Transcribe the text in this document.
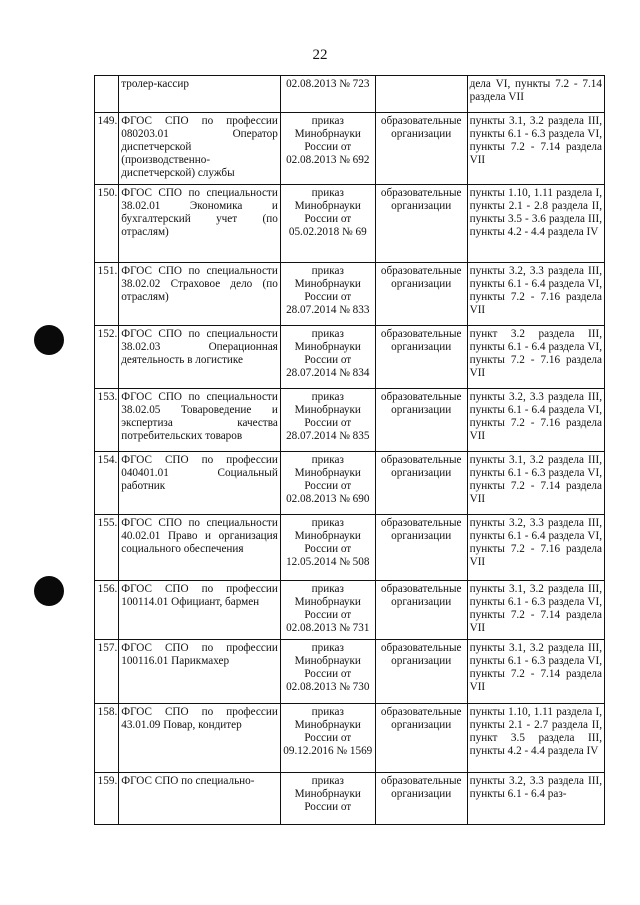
22
	тролер-кассир	02.08.2013 № 723		дела VI, пункты 7.2 - 7.14 раздела VII
149.	ФГОС СПО по профессии 080203.01 Оператор диспетчерской (производственно-диспетчерской) службы	приказ Минобрнауки России от 02.08.2013 № 692	образовательные организации	пункты 3.1, 3.2 раздела III, пункты 6.1 - 6.3 раздела VI, пункты 7.2 - 7.14 раздела VII
150.	ФГОС СПО по специальности 38.02.01 Экономика и бухгалтерский учет (по отраслям)	приказ Минобрнауки России от 05.02.2018 № 69	образовательные организации	пункты 1.10, 1.11 раздела I, пункты 2.1 - 2.8 раздела II, пункты 3.5 - 3.6 раздела III, пункты 4.2 - 4.4 раздела IV
151.	ФГОС СПО по специальности 38.02.02 Страховое дело (по отраслям)	приказ Минобрнауки России от 28.07.2014 № 833	образовательные организации	пункты 3.2, 3.3 раздела III, пункты 6.1 - 6.4 раздела VI, пункты 7.2 - 7.16 раздела VII
152.	ФГОС СПО по специальности 38.02.03 Операционная деятельность в логистике	приказ Минобрнауки России от 28.07.2014 № 834	образовательные организации	пункт 3.2 раздела III, пункты 6.1 - 6.4 раздела VI, пункты 7.2 - 7.16 раздела VII
153.	ФГОС СПО по специальности 38.02.05 Товароведение и экспертиза качества потребительских товаров	приказ Минобрнауки России от 28.07.2014 № 835	образовательные организации	пункты 3.2, 3.3 раздела III, пункты 6.1 - 6.4 раздела VI, пункты 7.2 - 7.16 раздела VII
154.	ФГОС СПО по профессии 040401.01 Социальный работник	приказ Минобрнауки России от 02.08.2013 № 690	образовательные организации	пункты 3.1, 3.2 раздела III, пункты 6.1 - 6.3 раздела VI, пункты 7.2 - 7.14 раздела VII
155.	ФГОС СПО по специальности 40.02.01 Право и организация социального обеспечения	приказ Минобрнауки России от 12.05.2014 № 508	образовательные организации	пункты 3.2, 3.3 раздела III, пункты 6.1 - 6.4 раздела VI, пункты 7.2 - 7.16 раздела VII
156.	ФГОС СПО по профессии 100114.01 Официант, бармен	приказ Минобрнауки России от 02.08.2013 № 731	образовательные организации	пункты 3.1, 3.2 раздела III, пункты 6.1 - 6.3 раздела VI, пункты 7.2 - 7.14 раздела VII
157.	ФГОС СПО по профессии 100116.01 Парикмахер	приказ Минобрнауки России от 02.08.2013 № 730	образовательные организации	пункты 3.1, 3.2 раздела III, пункты 6.1 - 6.3 раздела VI, пункты 7.2 - 7.14 раздела VII
158.	ФГОС СПО по профессии 43.01.09 Повар, кондитер	приказ Минобрнауки России от 09.12.2016 № 1569	образовательные организации	пункты 1.10, 1.11 раздела I, пункты 2.1 - 2.7 раздела II, пункт 3.5 раздела III, пункты 4.2 - 4.4 раздела IV
159.	ФГОС СПО по специально-	приказ Минобрнауки России от	образовательные организации	пункты 3.2, 3.3 раздела III, пункты 6.1 - 6.4 раз-
